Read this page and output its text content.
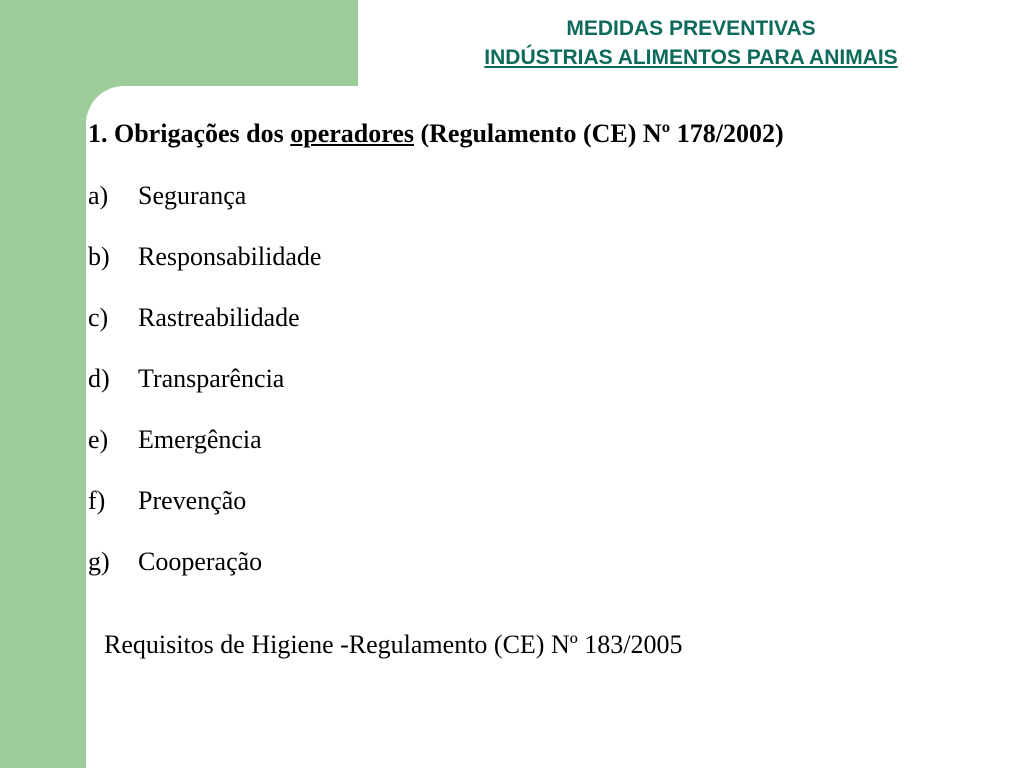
MEDIDAS PREVENTIVAS
INDÚSTRIAS ALIMENTOS PARA ANIMAIS
1. Obrigações dos operadores (Regulamento (CE) Nº 178/2002)
a) Segurança
b) Responsabilidade
c) Rastreabilidade
d) Transparência
e) Emergência
f) Prevenção
g) Cooperação
Requisitos de Higiene -Regulamento (CE) Nº 183/2005
